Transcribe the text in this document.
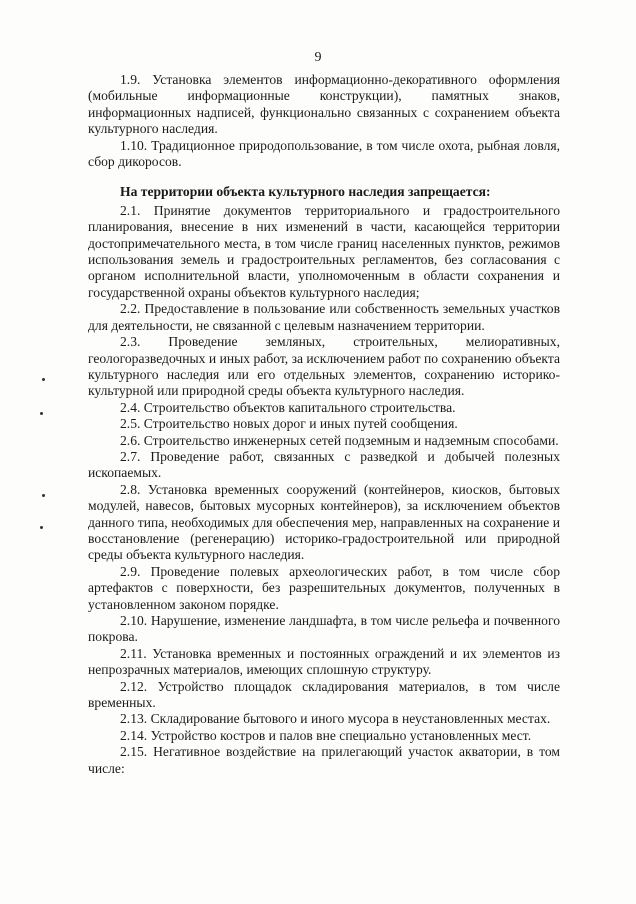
9

1.9. Установка элементов информационно-декоративного оформления (мобильные информационные конструкции), памятных знаков, информационных надписей, функционально связанных с сохранением объекта культурного наследия.

1.10. Традиционное природопользование, в том числе охота, рыбная ловля, сбор дикоросов.

На территории объекта культурного наследия запрещается:

2.1. Принятие документов территориального и градостроительного планирования, внесение в них изменений в части, касающейся территории достопримечательного места, в том числе границ населенных пунктов, режимов использования земель и градостроительных регламентов, без согласования с органом исполнительной власти, уполномоченным в области сохранения и государственной охраны объектов культурного наследия;

2.2. Предоставление в пользование или собственность земельных участков для деятельности, не связанной с целевым назначением территории.

2.3. Проведение земляных, строительных, мелиоративных, геологоразведочных и иных работ, за исключением работ по сохранению объекта культурного наследия или его отдельных элементов, сохранению историко-культурной или природной среды объекта культурного наследия.

2.4. Строительство объектов капитального строительства.

2.5. Строительство новых дорог и иных путей сообщения.

2.6. Строительство инженерных сетей подземным и надземным способами.

2.7. Проведение работ, связанных с разведкой и добычей полезных ископаемых.

2.8. Установка временных сооружений (контейнеров, киосков, бытовых модулей, навесов, бытовых мусорных контейнеров), за исключением объектов данного типа, необходимых для обеспечения мер, направленных на сохранение и восстановление (регенерацию) историко-градостроительной или природной среды объекта культурного наследия.

2.9. Проведение полевых археологических работ, в том числе сбор артефактов с поверхности, без разрешительных документов, полученных в установленном законом порядке.

2.10. Нарушение, изменение ландшафта, в том числе рельефа и почвенного покрова.

2.11. Установка временных и постоянных ограждений и их элементов из непрозрачных материалов, имеющих сплошную структуру.

2.12. Устройство площадок складирования материалов, в том числе временных.

2.13. Складирование бытового и иного мусора в неустановленных местах.

2.14. Устройство костров и палов вне специально установленных мест.

2.15. Негативное воздействие на прилегающий участок акватории, в том числе:
